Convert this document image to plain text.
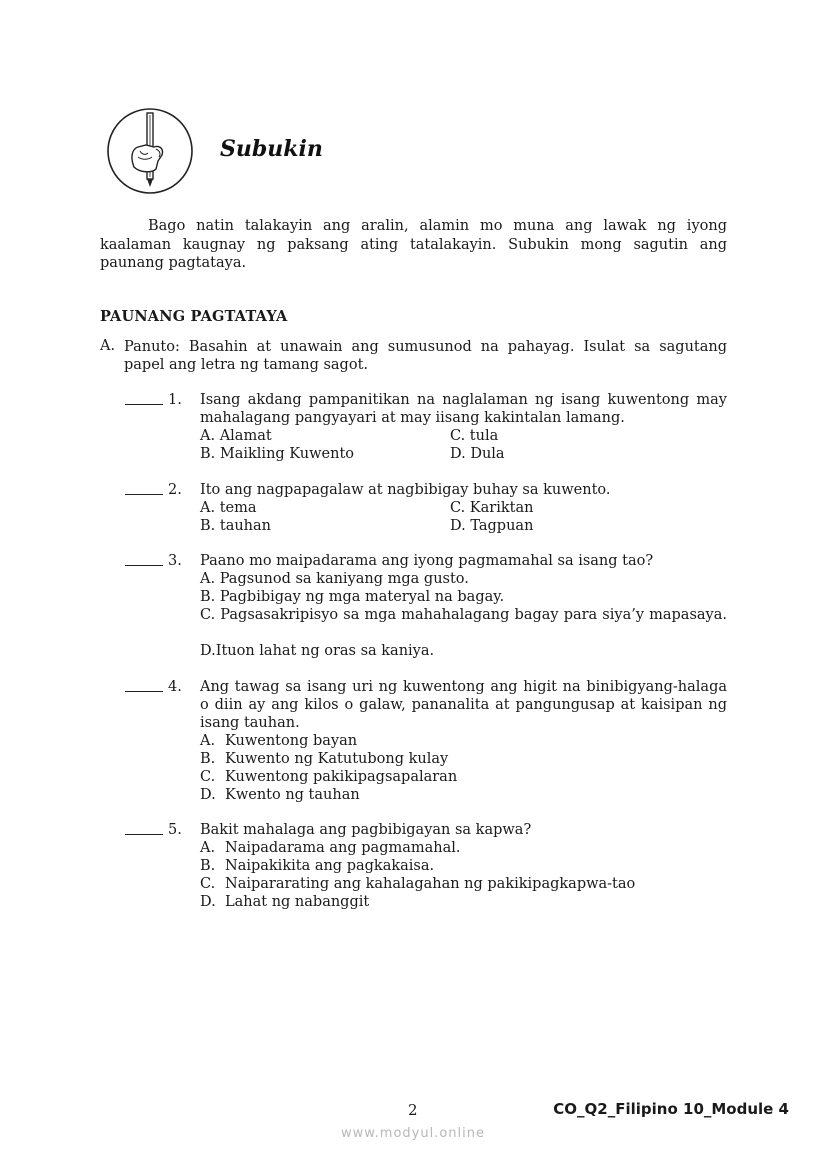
Subukin

Bago natin talakayin ang aralin, alamin mo muna ang lawak ng iyong kaalaman kaugnay ng paksang ating tatalakayin. Subukin mong sagutin ang paunang pagtataya.

PAUNANG PAGTATAYA
A. Panuto: Basahin at unawain ang sumusunod na pahayag. Isulat sa sagutang papel ang letra ng tamang sagot.

1. Isang akdang pampanitikan na naglalaman ng isang kuwentong may mahalagang pangyayari at may iisang kakintalan lamang.

A. Alamat	C. tula
B. Maikling Kuwento	D. Dula
2. Ito ang nagpapagalaw at nagbibigay buhay sa kuwento.

A. tema	C. Kariktan
B. tauhan	D. Tagpuan
3. Paano mo maipadarama ang iyong pagmamahal sa isang tao?

A. Pagsunod sa kaniyang mga gusto.
B. Pagbibigay ng mga materyal na bagay.
C. Pagsasakripisyo sa mga mahahalagang bagay para siya’y mapasaya.
D.Ituon lahat ng oras sa kaniya.
4. Ang tawag sa isang uri ng kuwentong ang higit na binibigyang-halaga o diin ay ang kilos o galaw, pananalita at pangungusap at kaisipan ng isang tauhan.

A. Kuwentong bayan
B. Kuwento ng Katutubong kulay
C. Kuwentong pakikipagsapalaran
D. Kwento ng tauhan
5. Bakit mahalaga ang pagbibigayan sa kapwa?

A. Naipadarama ang pagmamahal.
B. Naipakikita ang pagkakaisa.
C. Naipararating ang kahalagahan ng pakikipagkapwa-tao
D. Lahat ng nabanggit
2	CO_Q2_Filipino 10_Module 4
www.modyul.online
